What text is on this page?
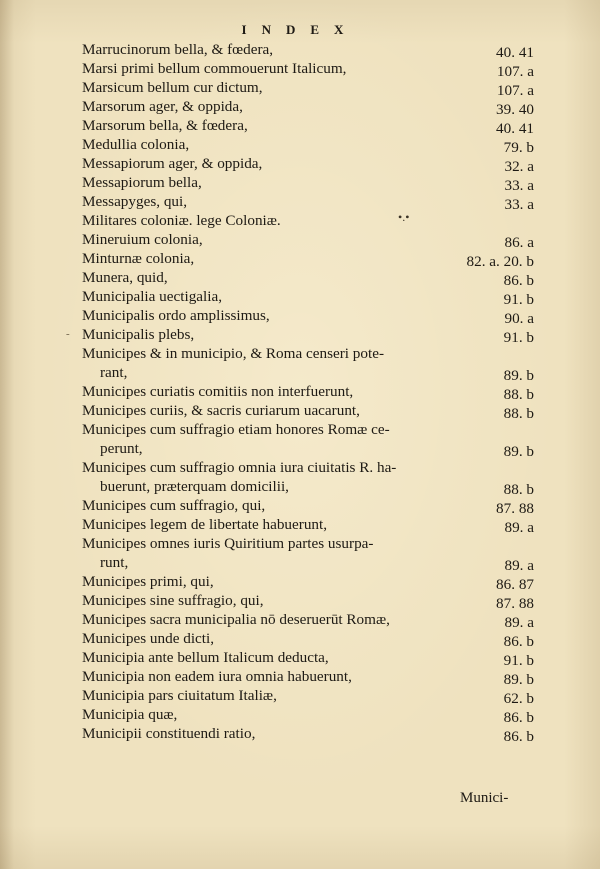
INDEX
Marrucinorum bella, & fœdera,	40. 41
Marsi primi bellum commouerunt Italicum,	107. a
Marsicum bellum cur dictum,	107. a
Marsorum ager, & oppida,	39. 40
Marsorum bella, & fœdera,	40. 41
Medullia colonia,	79. b
Messapiorum ager, & oppida,	32. a
Messapiorum bella,	33. a
Messapyges, qui,	33. a
Militares coloniæ. lege Coloniæ.
Mineruium colonia,	86. a
Minturnæ colonia,	82. a. 20. b
Munera, quid,	86. b
Municipalia uectigalia,	91. b
Municipalis ordo amplissimus,	90. a
Municipalis plebs,	91. b
Municipes & in municipio, & Roma censeri pote-
rant,	89. b
Municipes curiatis comitiis non interfuerunt,	88. b
Municipes curiis, & sacris curiarum uacarunt,	88. b
Municipes cum suffragio etiam honores Romæ ce-
perunt,	89. b
Municipes cum suffragio omnia iura ciuitatis R. ha-
buerunt, præterquam domicilii,	88. b
Municipes cum suffragio, qui,	87. 88
Municipes legem de libertate habuerunt,	89. a
Municipes omnes iuris Quiritium partes usurpa-
runt,	89. a
Municipes primi, qui,	86. 87
Municipes sine suffragio, qui,	87. 88
Municipes sacra municipalia nō deseruerūt Romæ,	89. a
Municipes unde dicti,	86. b
Municipia ante bellum Italicum deducta,	91. b
Municipia non eadem iura omnia habuerunt,	89. b
Municipia pars ciuitatum Italiæ,	62. b
Municipia quæ,	86. b
Municipii constituendi ratio,	86. b
-
•.•
Munici-
